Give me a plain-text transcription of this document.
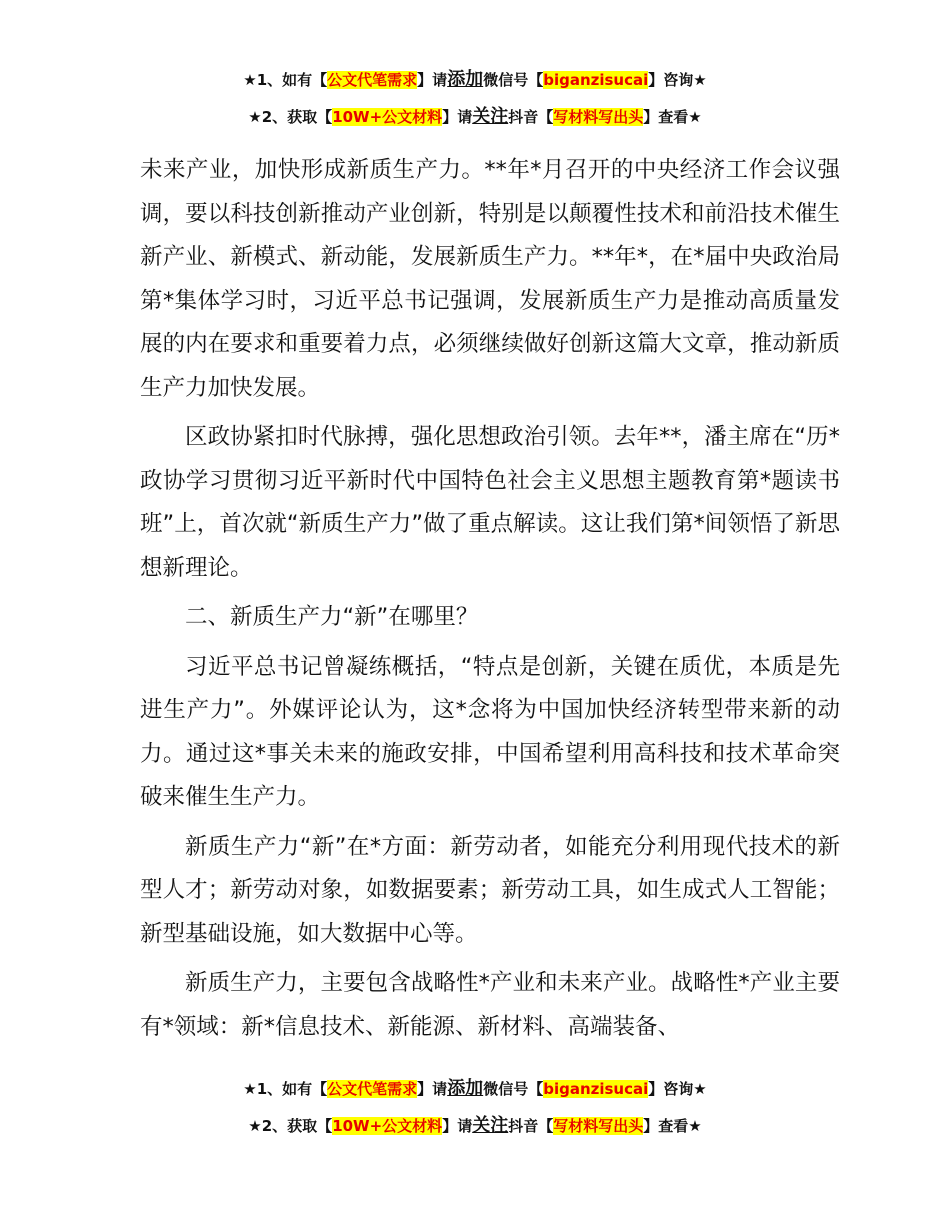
★1、如有【公文代笔需求】请添加微信号【biganzisucai】咨询★
★2、获取【10W+公文材料】请关注抖音【写材料写出头】查看★

未来产业，加快形成新质生产力。**年*月召开的中央经济工作会议强调，要以科技创新推动产业创新，特别是以颠覆性技术和前沿技术催生新产业、新模式、新动能，发展新质生产力。**年*，在*届中央政治局第*集体学习时，习近平总书记强调，发展新质生产力是推动高质量发展的内在要求和重要着力点，必须继续做好创新这篇大文章，推动新质生产力加快发展。

区政协紧扣时代脉搏，强化思想政治引领。去年**，潘主席在“历*政协学习贯彻习近平新时代中国特色社会主义思想主题教育第*题读书班”上，首次就“新质生产力”做了重点解读。这让我们第*间领悟了新思想新理论。

二、新质生产力“新”在哪里？

习近平总书记曾凝练概括，“特点是创新，关键在质优，本质是先进生产力”。外媒评论认为，这*念将为中国加快经济转型带来新的动力。通过这*事关未来的施政安排，中国希望利用高科技和技术革命突破来催生生产力。

新质生产力“新”在*方面：新劳动者，如能充分利用现代技术的新型人才；新劳动对象，如数据要素；新劳动工具，如生成式人工智能；新型基础设施，如大数据中心等。

新质生产力，主要包含战略性*产业和未来产业。战略性*产业主要有*领域：新*信息技术、新能源、新材料、高端装备、

★1、如有【公文代笔需求】请添加微信号【biganzisucai】咨询★
★2、获取【10W+公文材料】请关注抖音【写材料写出头】查看★
